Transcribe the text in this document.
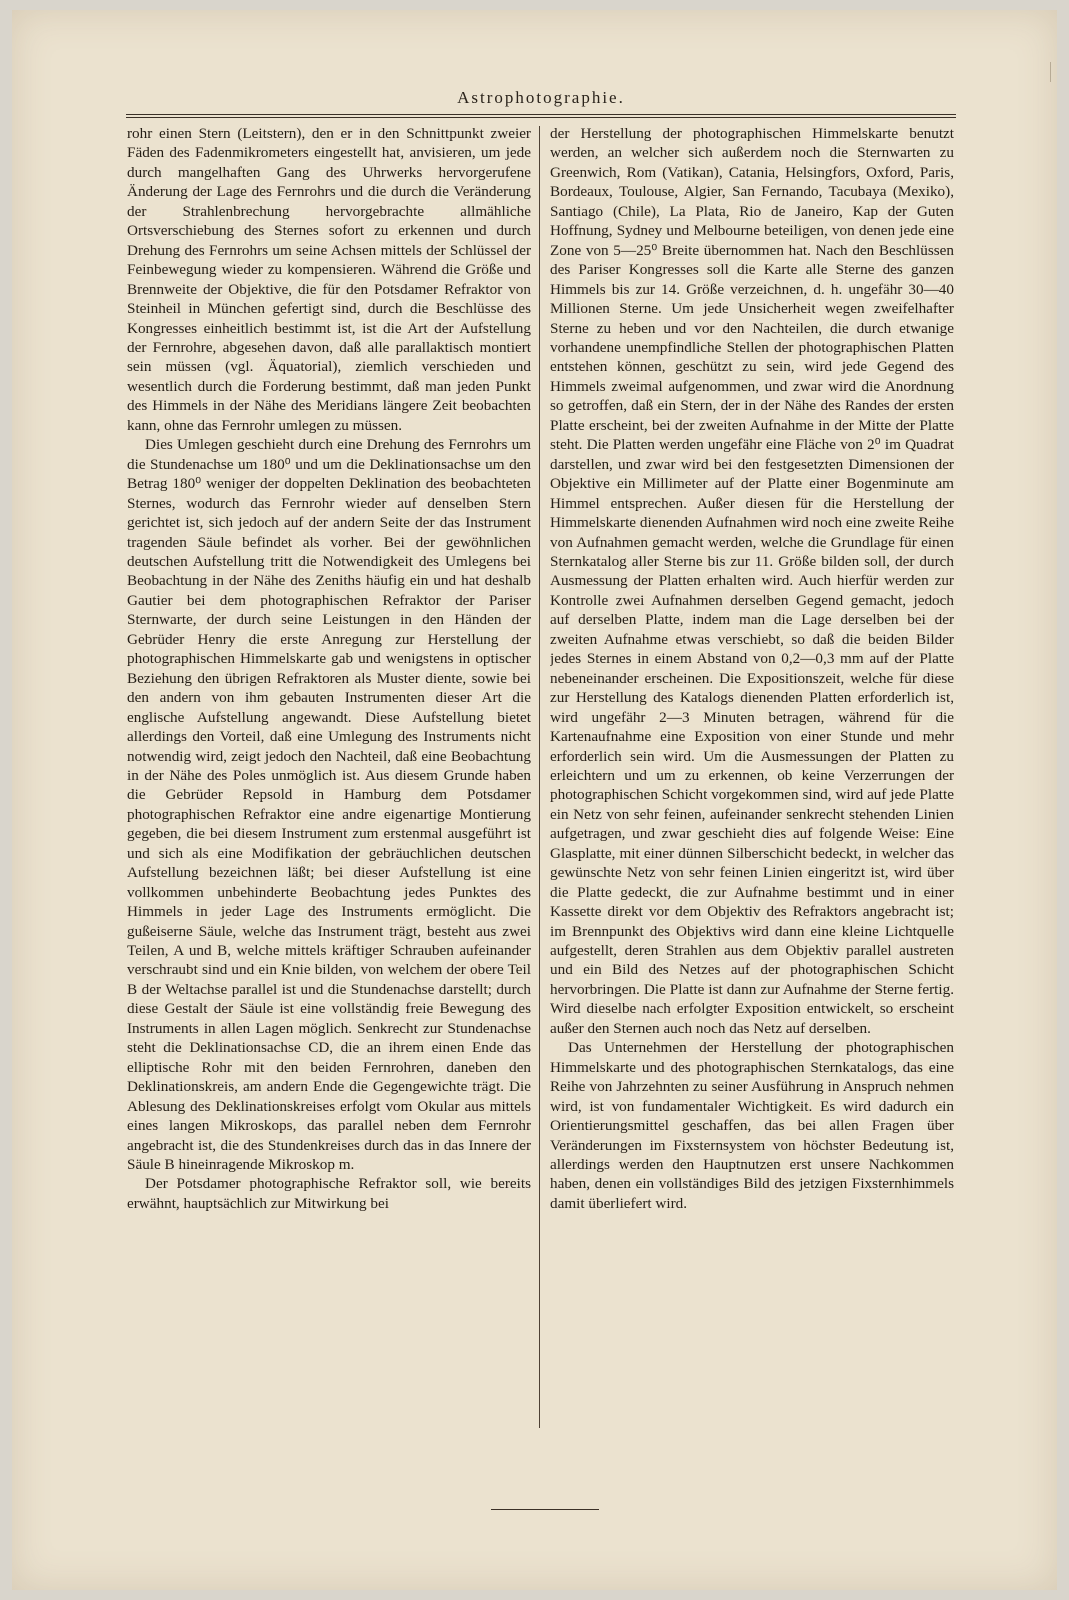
Astrophotographie.

rohr einen Stern (Leitstern), den er in den Schnittpunkt zweier Fäden des Fadenmikrometers eingestellt hat, anvisieren, um jede durch mangelhaften Gang des Uhrwerks hervorgerufene Änderung der Lage des Fernrohrs und die durch die Veränderung der Strahlenbrechung hervorgebrachte allmähliche Ortsverschiebung des Sternes sofort zu erkennen und durch Drehung des Fernrohrs um seine Achsen mittels der Schlüssel der Feinbewegung wieder zu kompensieren. Während die Größe und Brennweite der Objektive, die für den Potsdamer Refraktor von Steinheil in München gefertigt sind, durch die Beschlüsse des Kongresses einheitlich bestimmt ist, ist die Art der Aufstellung der Fernrohre, abgesehen davon, daß alle parallaktisch montiert sein müssen (vgl. Äquatorial), ziemlich verschieden und wesentlich durch die Forderung bestimmt, daß man jeden Punkt des Himmels in der Nähe des Meridians längere Zeit beobachten kann, ohne das Fernrohr umlegen zu müssen.

Dies Umlegen geschieht durch eine Drehung des Fernrohrs um die Stundenachse um 180⁰ und um die Deklinationsachse um den Betrag 180⁰ weniger der doppelten Deklination des beobachteten Sternes, wodurch das Fernrohr wieder auf denselben Stern gerichtet ist, sich jedoch auf der andern Seite der das Instrument tragenden Säule befindet als vorher. Bei der gewöhnlichen deutschen Aufstellung tritt die Notwendigkeit des Umlegens bei Beobachtung in der Nähe des Zeniths häufig ein und hat deshalb Gautier bei dem photographischen Refraktor der Pariser Sternwarte, der durch seine Leistungen in den Händen der Gebrüder Henry die erste Anregung zur Herstellung der photographischen Himmelskarte gab und wenigstens in optischer Beziehung den übrigen Refraktoren als Muster diente, sowie bei den andern von ihm gebauten Instrumenten dieser Art die englische Aufstellung angewandt. Diese Aufstellung bietet allerdings den Vorteil, daß eine Umlegung des Instruments nicht notwendig wird, zeigt jedoch den Nachteil, daß eine Beobachtung in der Nähe des Poles unmöglich ist. Aus diesem Grunde haben die Gebrüder Repsold in Hamburg dem Potsdamer photographischen Refraktor eine andre eigenartige Montierung gegeben, die bei diesem Instrument zum erstenmal ausgeführt ist und sich als eine Modifikation der gebräuchlichen deutschen Aufstellung bezeichnen läßt; bei dieser Aufstellung ist eine vollkommen unbehinderte Beobachtung jedes Punktes des Himmels in jeder Lage des Instruments ermöglicht. Die gußeiserne Säule, welche das Instrument trägt, besteht aus zwei Teilen, A und B, welche mittels kräftiger Schrauben aufeinander verschraubt sind und ein Knie bilden, von welchem der obere Teil B der Weltachse parallel ist und die Stundenachse darstellt; durch diese Gestalt der Säule ist eine vollständig freie Bewegung des Instruments in allen Lagen möglich. Senkrecht zur Stundenachse steht die Deklinationsachse CD, die an ihrem einen Ende das elliptische Rohr mit den beiden Fernrohren, daneben den Deklinationskreis, am andern Ende die Gegengewichte trägt. Die Ablesung des Deklinationskreises erfolgt vom Okular aus mittels eines langen Mikroskops, das parallel neben dem Fernrohr angebracht ist, die des Stundenkreises durch das in das Innere der Säule B hineinragende Mikroskop m.

Der Potsdamer photographische Refraktor soll, wie bereits erwähnt, hauptsächlich zur Mitwirkung bei

der Herstellung der photographischen Himmelskarte benutzt werden, an welcher sich außerdem noch die Sternwarten zu Greenwich, Rom (Vatikan), Catania, Helsingfors, Oxford, Paris, Bordeaux, Toulouse, Algier, San Fernando, Tacubaya (Mexiko), Santiago (Chile), La Plata, Rio de Janeiro, Kap der Guten Hoffnung, Sydney und Melbourne beteiligen, von denen jede eine Zone von 5—25⁰ Breite übernommen hat. Nach den Beschlüssen des Pariser Kongresses soll die Karte alle Sterne des ganzen Himmels bis zur 14. Größe verzeichnen, d. h. ungefähr 30—40 Millionen Sterne. Um jede Unsicherheit wegen zweifelhafter Sterne zu heben und vor den Nachteilen, die durch etwanige vorhandene unempfindliche Stellen der photographischen Platten entstehen können, geschützt zu sein, wird jede Gegend des Himmels zweimal aufgenommen, und zwar wird die Anordnung so getroffen, daß ein Stern, der in der Nähe des Randes der ersten Platte erscheint, bei der zweiten Aufnahme in der Mitte der Platte steht. Die Platten werden ungefähr eine Fläche von 2⁰ im Quadrat darstellen, und zwar wird bei den festgesetzten Dimensionen der Objektive ein Millimeter auf der Platte einer Bogenminute am Himmel entsprechen. Außer diesen für die Herstellung der Himmelskarte dienenden Aufnahmen wird noch eine zweite Reihe von Aufnahmen gemacht werden, welche die Grundlage für einen Sternkatalog aller Sterne bis zur 11. Größe bilden soll, der durch Ausmessung der Platten erhalten wird. Auch hierfür werden zur Kontrolle zwei Aufnahmen derselben Gegend gemacht, jedoch auf derselben Platte, indem man die Lage derselben bei der zweiten Aufnahme etwas verschiebt, so daß die beiden Bilder jedes Sternes in einem Abstand von 0,2—0,3 mm auf der Platte nebeneinander erscheinen. Die Expositionszeit, welche für diese zur Herstellung des Katalogs dienenden Platten erforderlich ist, wird ungefähr 2—3 Minuten betragen, während für die Kartenaufnahme eine Exposition von einer Stunde und mehr erforderlich sein wird. Um die Ausmessungen der Platten zu erleichtern und um zu erkennen, ob keine Verzerrungen der photographischen Schicht vorgekommen sind, wird auf jede Platte ein Netz von sehr feinen, aufeinander senkrecht stehenden Linien aufgetragen, und zwar geschieht dies auf folgende Weise: Eine Glasplatte, mit einer dünnen Silberschicht bedeckt, in welcher das gewünschte Netz von sehr feinen Linien eingeritzt ist, wird über die Platte gedeckt, die zur Aufnahme bestimmt und in einer Kassette direkt vor dem Objektiv des Refraktors angebracht ist; im Brennpunkt des Objektivs wird dann eine kleine Lichtquelle aufgestellt, deren Strahlen aus dem Objektiv parallel austreten und ein Bild des Netzes auf der photographischen Schicht hervorbringen. Die Platte ist dann zur Aufnahme der Sterne fertig. Wird dieselbe nach erfolgter Exposition entwickelt, so erscheint außer den Sternen auch noch das Netz auf derselben.

Das Unternehmen der Herstellung der photographischen Himmelskarte und des photographischen Sternkatalogs, das eine Reihe von Jahrzehnten zu seiner Ausführung in Anspruch nehmen wird, ist von fundamentaler Wichtigkeit. Es wird dadurch ein Orientierungsmittel geschaffen, das bei allen Fragen über Veränderungen im Fixsternsystem von höchster Bedeutung ist, allerdings werden den Hauptnutzen erst unsere Nachkommen haben, denen ein vollständiges Bild des jetzigen Fixsternhimmels damit überliefert wird.
